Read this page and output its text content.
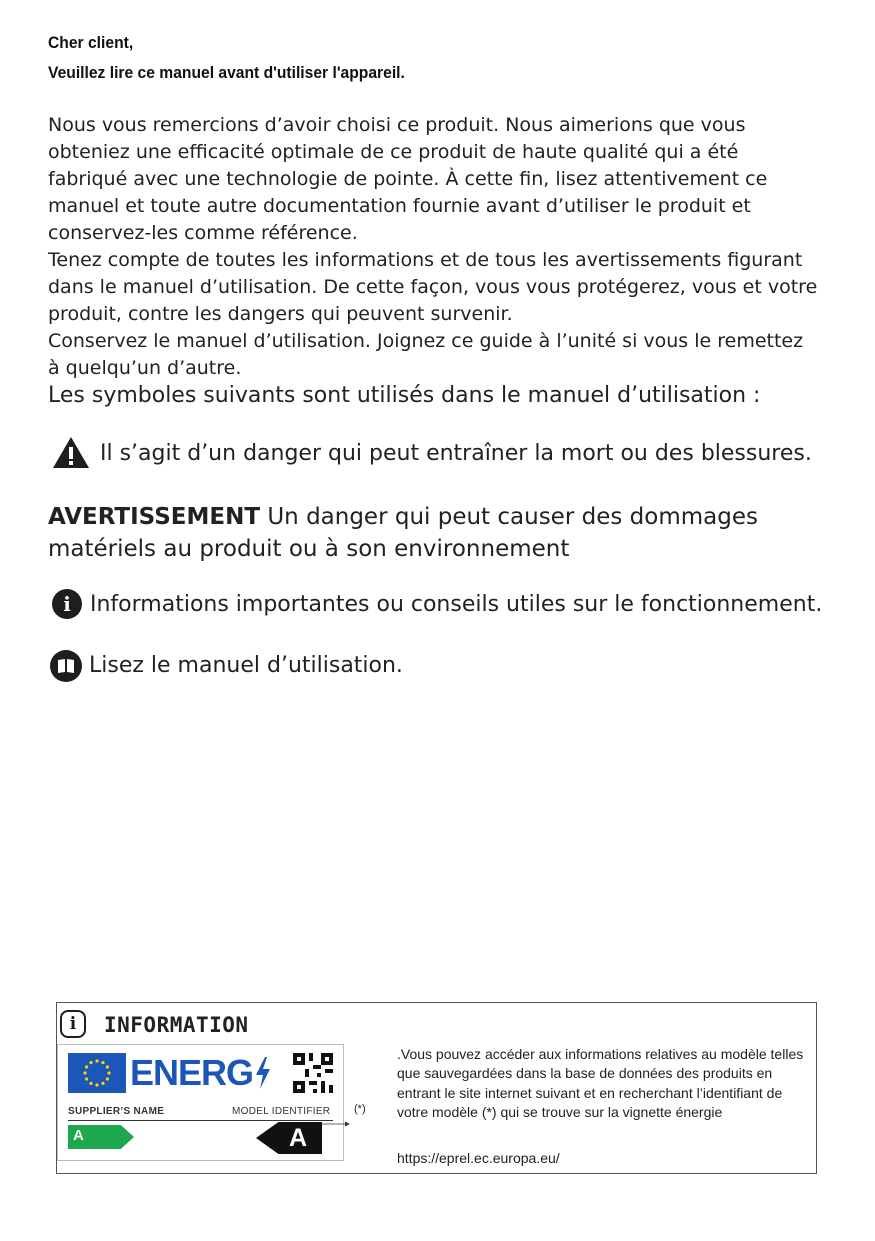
Cher client,
Veuillez lire ce manuel avant d'utiliser l'appareil.

Nous vous remercions d’avoir choisi ce produit. Nous aimerions que vous obteniez une efficacité optimale de ce produit de haute qualité qui a été fabriqué avec une technologie de pointe. À cette fin, lisez attentivement ce manuel et toute autre documentation fournie avant d’utiliser le produit et conservez-les comme référence.

Tenez compte de toutes les informations et de tous les avertissements figurant dans le manuel d’utilisation. De cette façon, vous vous protégerez, vous et votre produit, contre les dangers qui peuvent survenir.

Conservez le manuel d’utilisation. Joignez ce guide à l’unité si vous le remettez à quelqu’un d’autre.

Les symboles suivants sont utilisés dans le manuel d’utilisation :
Il s’agit d’un danger qui peut entraîner la mort ou des blessures.
AVERTISSEMENT Un danger qui peut causer des dommages matériels au produit ou à son environnement
i Informations importantes ou conseils utiles sur le fonctionnement.
Lisez le manuel d’utilisation.
i INFORMATION
ENERG
SUPPLIER’S NAME	MODEL IDENTIFIER (*)
A	A
.Vous pouvez accéder aux informations relatives au modèle telles que sauvegardées dans la base de données des produits en entrant le site internet suivant et en recherchant l’identifiant de votre modèle (*) qui se trouve sur la vignette énergie
https://eprel.ec.europa.eu/
